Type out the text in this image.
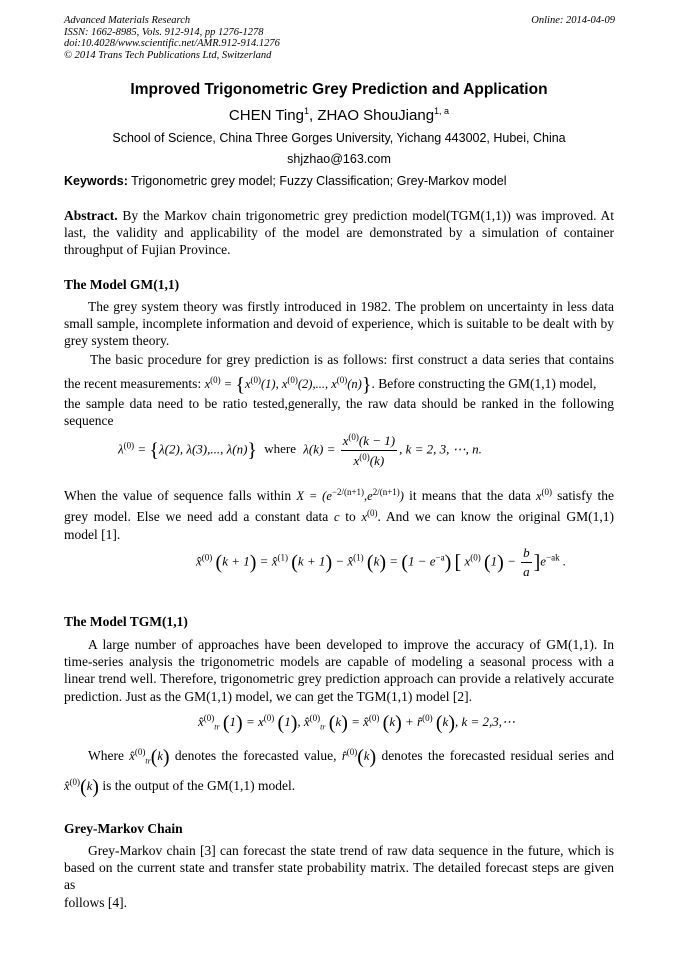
Advanced Materials Research
ISSN: 1662-8985, Vols. 912-914, pp 1276-1278
doi:10.4028/www.scientific.net/AMR.912-914.1276
© 2014 Trans Tech Publications Ltd, Switzerland
Online: 2014-04-09
Improved Trigonometric Grey Prediction and Application
CHEN Ting$^1$, ZHAO ShouJiang$^{1, a}$
School of Science, China Three Gorges University, Yichang 443002, Hubei, China
shjzhao@163.com
Keywords: Trigonometric grey model; Fuzzy Classification; Grey-Markov model
Abstract. By the Markov chain trigonometric grey prediction model(TGM(1,1)) was improved. At
last, the validity and applicability of the model are demonstrated by a simulation of container
throughput of Fujian Province.
The Model GM(1,1)
The grey system theory was firstly introduced in 1982. The problem on uncertainty in less data
small sample, incomplete information and devoid of experience, which is suitable to be dealt with by
grey system theory.
The basic procedure for grey prediction is as follows: first construct a data series that contains
the recent measurements: $x^{(0)} = \{x^{(0)}(1)$, $x^{(0)}(2)$,..., $x^{(0)}(n)$}. Before constructing the GM(1,1) model,
the sample data need to be ratio tested,generally, the raw data should be ranked in the following
sequence
$\lambda^{(0)} = \{\lambda(2)$, λ(3),..., λ(n)} where $\lambda(k) = \frac{x^{(0)}(k - 1)}{x^{(0)}(k)}$ , k = 2, 3, ⋯, n.
When the value of sequence falls within $X = (e^{-2/(n+1)},e^{2/(n+1)})$ it means that the data $x^{(0)}$ satisfy the
grey model. Else we need add a constant data c to $x^{(0)}$. And we can know the original GM(1,1)
model [1].
x̂$^{(0)}$ (k + 1) = x̂$^{(1)}$ (k + 1) − x̂$^{(1)}$ $(k) = (1 - e^{-a})$ [ $x^{(0)}$ $(1) - \frac{b}{a} ]e^{-ak}$ .
The Model TGM(1,1)
A large number of approaches have been developed to improve the accuracy of GM(1,1). In
time-series analysis the trigonometric models are capable of modeling a seasonal process with a
linear trend well. Therefore, trigonometric grey prediction approach can provide a relatively accurate
prediction. Just as the GM(1,1) model, we can get the TGM(1,1) model [2].
x̂$^{(0)}_{tr}$ $(1) = x^{(0)}$ (1), x̂$^{(0)}_{tr}$ (k) = x̂$^{(0)}$ (k) + r̂$^{(0)}$ (k), k = 2,3,⋯
Where x̂$^{(0)}_{tr}$(k) denotes the forecasted value, r̂$^{(0)}$(k) denotes the forecasted residual series and
x̂$^{(0)}$(k) is the output of the GM(1,1) model.
Grey-Markov Chain
Grey-Markov chain [3] can forecast the state trend of raw data sequence in the future, which is
based on the current state and transfer state probability matrix. The detailed forecast steps are given as
follows [4].
